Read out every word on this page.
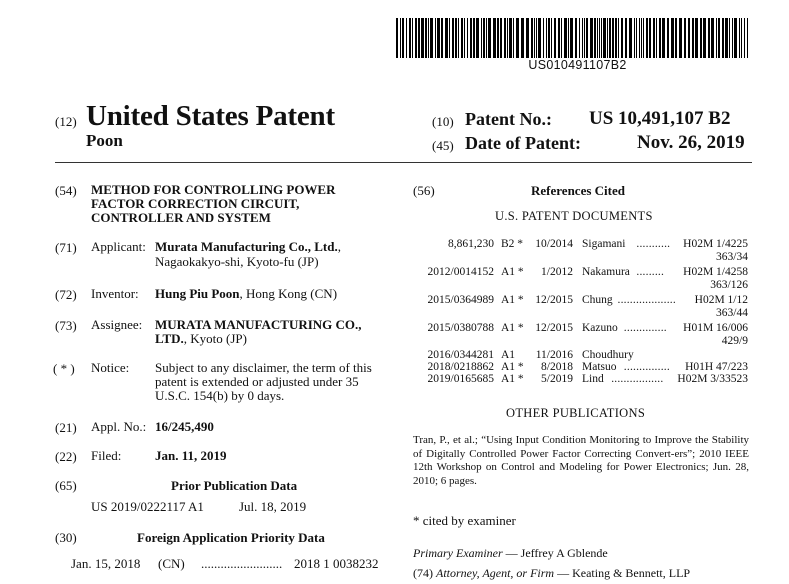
US010491107B2
(12) United States Patent
Poon
(10) Patent No.: US 10,491,107 B2
(45) Date of Patent:	Nov. 26, 2019
(54) METHOD FOR CONTROLLING POWER
FACTOR CORRECTION CIRCUIT,
CONTROLLER AND SYSTEM
(71) Applicant: Murata Manufacturing Co., Ltd.,
Nagaokakyo-shi, Kyoto-fu (JP)
(72) Inventor: Hung Piu Poon, Hong Kong (CN)
(73) Assignee: MURATA MANUFACTURING CO.,
LTD., Kyoto (JP)
( * ) Notice: Subject to any disclaimer, the term of this
patent is extended or adjusted under 35
U.S.C. 154(b) by 0 days.
(21) Appl. No.: 16/245,490
(22) Filed:	Jan. 11, 2019
(65)	Prior Publication Data
US 2019/0222117 A1	Jul. 18, 2019
(30)	Foreign Application Priority Data
Jan. 15, 2018 (CN) ......................... 2018 1 0038232
(56)	References Cited
U.S. PATENT DOCUMENTS
8,861,230 B2 * 10/2014 Sigamani ........... H02M 1/4225
363/34
2012/0014152 A1 * 1/2012 Nakamura ......... H02M 1/4258
363/126
2015/0364989 A1 * 12/2015 Chung ................... H02M 1/12
363/44
2015/0380788 A1 * 12/2015 Kazuno .............. H01M 16/006
429/9
2016/0344281 A1 11/2016 Choudhury
2018/0218862 A1 * 8/2018 Matsuo ............... H01H 47/223
2019/0165685 A1 * 5/2019 Lind ................. H02M 3/33523
OTHER PUBLICATIONS
Tran, P., et al.; “Using Input Condition Monitoring to Improve the Stability of Digitally Controlled Power Factor Correcting Convert-ers”; 2010 IEEE 12th Workshop on Control and Modeling for Power Electronics; Jun. 28, 2010; 6 pages.
* cited by examiner
Primary Examiner — Jeffrey A Gblende
(74) Attorney, Agent, or Firm — Keating & Bennett, LLP
